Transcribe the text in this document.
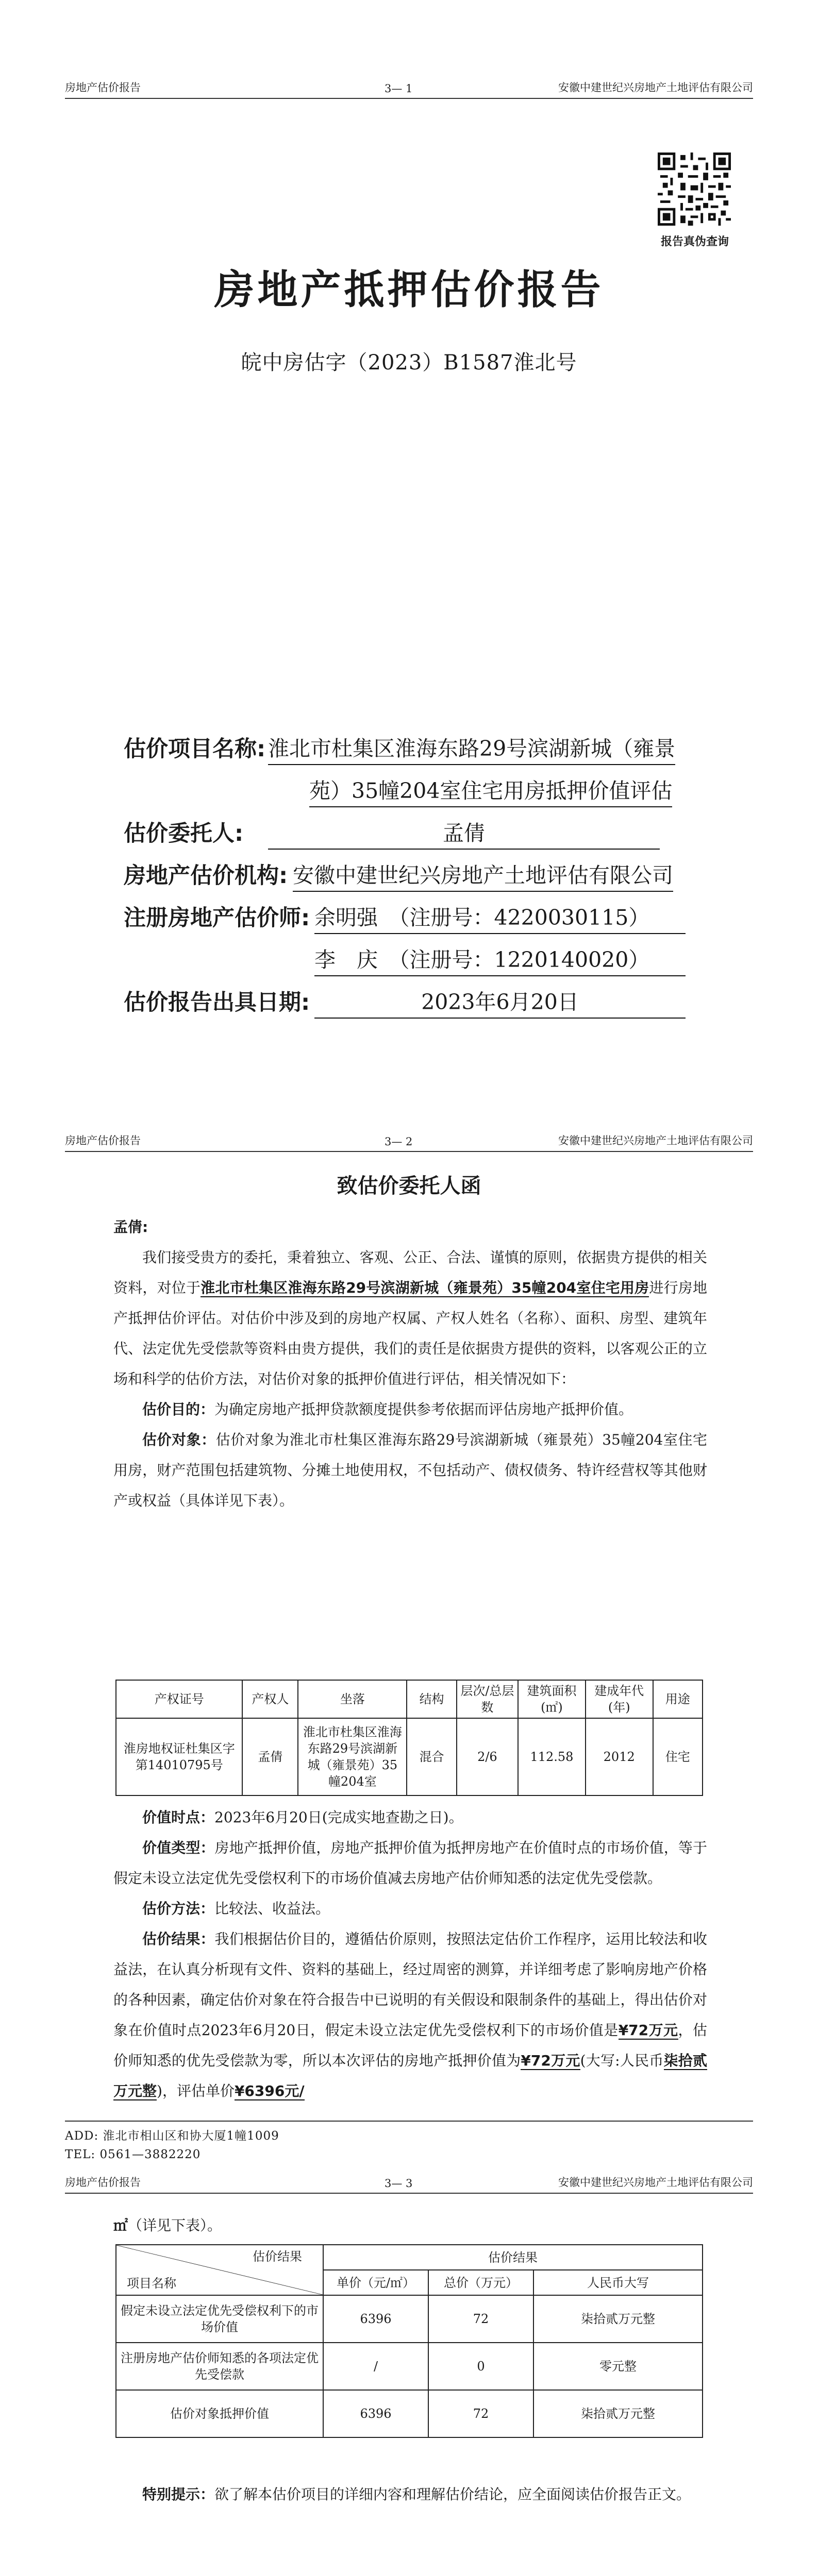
房地产估价报告	3— 1	安徽中建世纪兴房地产土地评估有限公司
报告真伪查询
房地产抵押估价报告
皖中房估字（2023）B1587淮北号
估价项目名称: 淮北市杜集区淮海东路29号滨湖新城（雍景
苑）35幢204室住宅用房抵押价值评估
估价委托人:	孟倩
房地产估价机构: 安徽中建世纪兴房地产土地评估有限公司
注册房地产估价师: 余明强　（注册号：4220030115）
李　庆　（注册号：1220140020）
估价报告出具日期:	2023年6月20日
房地产估价报告	3— 2	安徽中建世纪兴房地产土地评估有限公司
致估价委托人函
孟倩:

我们接受贵方的委托，秉着独立、客观、公正、合法、谨慎的原则，依据贵方提供的相关资料，对位于淮北市杜集区淮海东路29号滨湖新城（雍景苑）35幢204室住宅用房进行房地产抵押估价评估。对估价中涉及到的房地产权属、产权人姓名（名称）、面积、房型、建筑年代、法定优先受偿款等资料由贵方提供，我们的责任是依据贵方提供的资料，以客观公正的立场和科学的估价方法，对估价对象的抵押价值进行评估，相关情况如下：

估价目的：为确定房地产抵押贷款额度提供参考依据而评估房地产抵押价值。

估价对象：估价对象为淮北市杜集区淮海东路29号滨湖新城（雍景苑）35幢204室住宅用房，财产范围包括建筑物、分摊土地使用权，不包括动产、债权债务、特许经营权等其他财产或权益（具体详见下表）。

产权证号	产权人	坐落	结构	层次/总层数	建筑面积(㎡)	建成年代(年)	用途
淮房地权证杜集区字第14010795号	孟倩	淮北市杜集区淮海东路29号滨湖新城（雍景苑）35幢204室	混合	2/6	112.58	2012	住宅

价值时点：2023年6月20日(完成实地查勘之日)。

价值类型：房地产抵押价值，房地产抵押价值为抵押房地产在价值时点的市场价值，等于假定未设立法定优先受偿权利下的市场价值减去房地产估价师知悉的法定优先受偿款。

估价方法：比较法、收益法。

估价结果：我们根据估价目的，遵循估价原则，按照法定估价工作程序，运用比较法和收益法，在认真分析现有文件、资料的基础上，经过周密的测算，并详细考虑了影响房地产价格的各种因素，确定估价对象在符合报告中已说明的有关假设和限制条件的基础上，得出估价对象在价值时点2023年6月20日，假定未设立法定优先受偿权利下的市场价值是¥72万元，估价师知悉的优先受偿款为零，所以本次评估的房地产抵押价值为¥72万元(大写:人民币柒拾贰万元整)，评估单价¥6396元/

ADD: 淮北市相山区和协大厦1幢1009
TEL: 0561—3882220
房地产估价报告	3— 3	安徽中建世纪兴房地产土地评估有限公司
㎡（详见下表）。
估价结果
项目名称	估价结果		
	单价（元/㎡）	总价（万元）	人民币大写
假定未设立法定优先受偿权利下的市场价值	6396	72	柒拾贰万元整
注册房地产估价师知悉的各项法定优先受偿款	/	0	零元整
估价对象抵押价值	6396	72	柒拾贰万元整

特别提示：欲了解本估价项目的详细内容和理解估价结论，应全面阅读估价报告正文。
